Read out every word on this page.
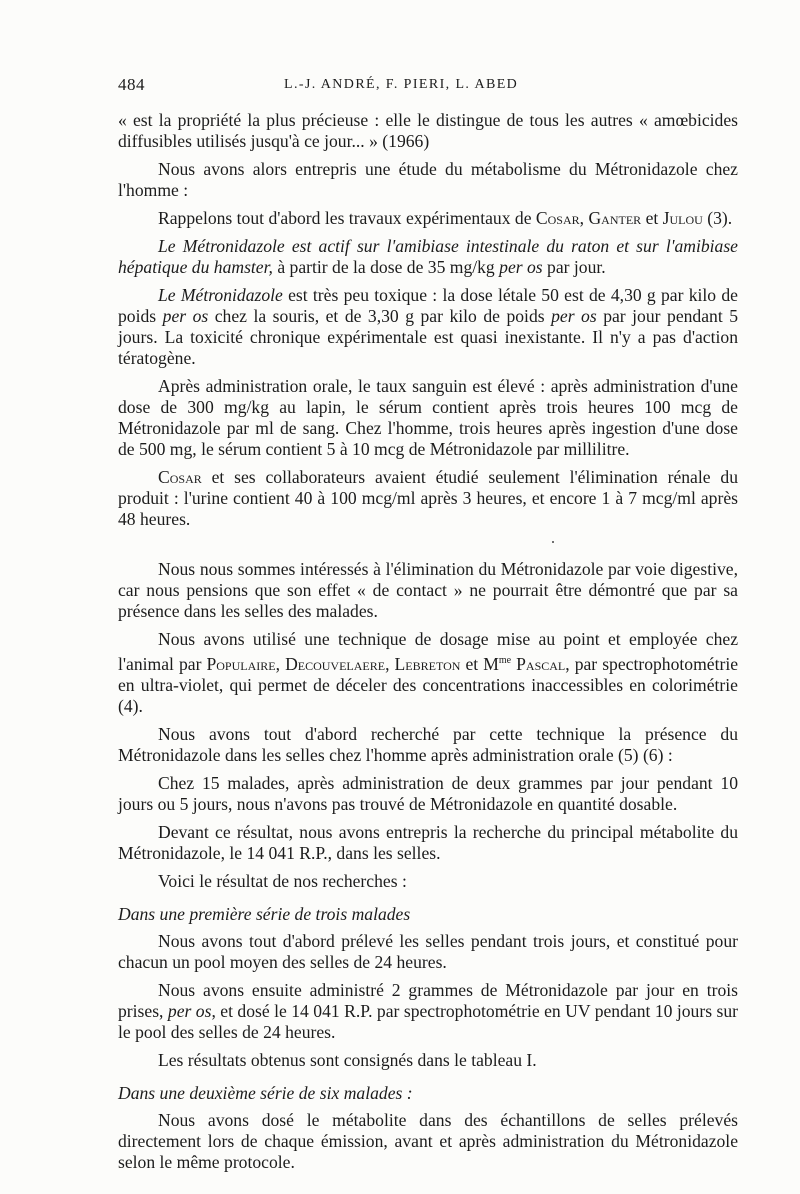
484	L.-J. ANDRÉ, F. PIERI, L. ABED

« est la propriété la plus précieuse : elle le distingue de tous les autres « amœbicides diffusibles utilisés jusqu'à ce jour... » (1966)

Nous avons alors entrepris une étude du métabolisme du Métronidazole chez l'homme :

Rappelons tout d'abord les travaux expérimentaux de Cosar, Ganter et Julou (3).

Le Métronidazole est actif sur l'amibiase intestinale du raton et sur l'amibiase hépatique du hamster, à partir de la dose de 35 mg/kg per os par jour.

Le Métronidazole est très peu toxique : la dose létale 50 est de 4,30 g par kilo de poids per os chez la souris, et de 3,30 g par kilo de poids per os par jour pendant 5 jours. La toxicité chronique expérimentale est quasi inexistante. Il n'y a pas d'action tératogène.

Après administration orale, le taux sanguin est élevé : après administration d'une dose de 300 mg/kg au lapin, le sérum contient après trois heures 100 mcg de Métronidazole par ml de sang. Chez l'homme, trois heures après ingestion d'une dose de 500 mg, le sérum contient 5 à 10 mcg de Métronidazole par millilitre.

Cosar et ses collaborateurs avaient étudié seulement l'élimination rénale du produit : l'urine contient 40 à 100 mcg/ml après 3 heures, et encore 1 à 7 mcg/ml après 48 heures.

Nous nous sommes intéressés à l'élimination du Métronidazole par voie digestive, car nous pensions que son effet « de contact » ne pourrait être démontré que par sa présence dans les selles des malades.

Nous avons utilisé une technique de dosage mise au point et employée chez l'animal par Populaire, Decouvelaere, Lebreton et $M^{me}$ Pascal, par spectrophotométrie en ultra-violet, qui permet de déceler des concentrations inaccessibles en colorimétrie (4).

Nous avons tout d'abord recherché par cette technique la présence du Métronidazole dans les selles chez l'homme après administration orale (5) (6) :

Chez 15 malades, après administration de deux grammes par jour pendant 10 jours ou 5 jours, nous n'avons pas trouvé de Métronidazole en quantité dosable.

Devant ce résultat, nous avons entrepris la recherche du principal métabolite du Métronidazole, le 14 041 R.P., dans les selles.

Voici le résultat de nos recherches :

Dans une première série de trois malades

Nous avons tout d'abord prélevé les selles pendant trois jours, et constitué pour chacun un pool moyen des selles de 24 heures.

Nous avons ensuite administré 2 grammes de Métronidazole par jour en trois prises, per os, et dosé le 14 041 R.P. par spectrophotométrie en UV pendant 10 jours sur le pool des selles de 24 heures.

Les résultats obtenus sont consignés dans le tableau I.

Dans une deuxième série de six malades :

Nous avons dosé le métabolite dans des échantillons de selles prélevés directement lors de chaque émission, avant et après administration du Métronidazole selon le même protocole.
